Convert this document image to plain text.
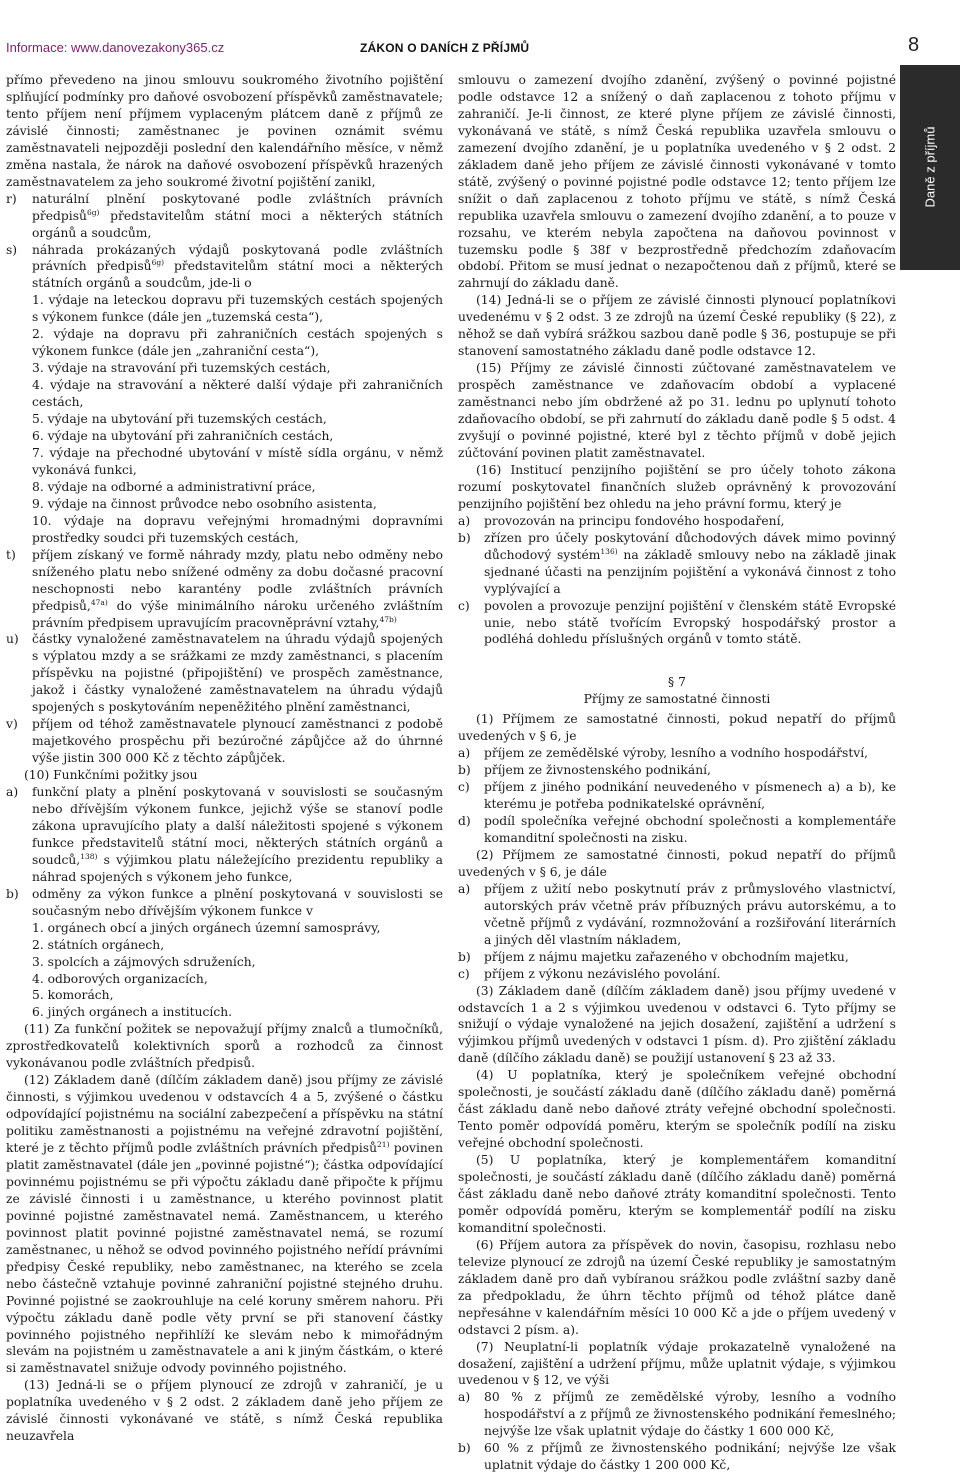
Informace: www.danovezakony365.cz	ZÁKON O DANÍCH Z PŘÍJMŮ	8
Daně z příjmů

přímo převedeno na jinou smlouvu soukromého životního pojištění splňující podmínky pro daňové osvobození příspěvků zaměstnavatele; tento příjem není příjmem vyplaceným plátcem daně z příjmů ze závislé činnosti; zaměstnanec je povinen oznámit svému zaměstnavateli nejpozději poslední den kalendářního měsíce, v němž změna nastala, že nárok na daňové osvobození příspěvků hrazených zaměstnavatelem za jeho soukromé životní pojištění zanikl,

r) naturální plnění poskytované podle zvláštních právních předpisů$^{6g)}$ představitelům státní moci a některých státních orgánů a soudcům,

s) náhrada prokázaných výdajů poskytovaná podle zvláštních právních předpisů$^{6g)}$ představitelům státní moci a některých státních orgánů a soudcům, jde-li o

1. výdaje na leteckou dopravu při tuzemských cestách spojených s výkonem funkce (dále jen „tuzemská cesta“),

2. výdaje na dopravu při zahraničních cestách spojených s výkonem funkce (dále jen „zahraniční cesta“),

3. výdaje na stravování při tuzemských cestách,

4. výdaje na stravování a některé další výdaje při zahraničních cestách,

5. výdaje na ubytování při tuzemských cestách,

6. výdaje na ubytování při zahraničních cestách,

7. výdaje na přechodné ubytování v místě sídla orgánu, v němž vykonává funkci,

8. výdaje na odborné a administrativní práce,

9. výdaje na činnost průvodce nebo osobního asistenta,

10. výdaje na dopravu veřejnými hromadnými dopravními prostředky soudci při tuzemských cestách,

t) příjem získaný ve formě náhrady mzdy, platu nebo odměny nebo sníženého platu nebo snížené odměny za dobu dočasné pracovní neschopnosti nebo karantény podle zvláštních právních předpisů,$^{47a)}$ do výše minimálního nároku určeného zvláštním právním předpisem upravujícím pracovněprávní vztahy,$^{47b)}$

u) částky vynaložené zaměstnavatelem na úhradu výdajů spojených s výplatou mzdy a se srážkami ze mzdy zaměstnanci, s placením příspěvku na pojistné (připojištění) ve prospěch zaměstnance, jakož i částky vynaložené zaměstnavatelem na úhradu výdajů spojených s poskytováním nepeněžitého plnění zaměstnanci,

v) příjem od téhož zaměstnavatele plynoucí zaměstnanci z podobě majetkového prospěchu při bezúročné zápůjčce až do úhrnné výše jistin 300 000 Kč z těchto zápůjček.

(10) Funkčními požitky jsou

a) funkční platy a plnění poskytovaná v souvislosti se současným nebo dřívějším výkonem funkce, jejichž výše se stanoví podle zákona upravujícího platy a další náležitosti spojené s výkonem funkce představitelů státní moci, některých státních orgánů a soudců,$^{138)}$ s výjimkou platu náležejícího prezidentu republiky a náhrad spojených s výkonem jeho funkce,

b) odměny za výkon funkce a plnění poskytovaná v souvislosti se současným nebo dřívějším výkonem funkce v

1. orgánech obcí a jiných orgánech územní samosprávy,

2. státních orgánech,

3. spolcích a zájmových sdruženích,

4. odborových organizacích,

5. komorách,

6. jiných orgánech a institucích.

(11) Za funkční požitek se nepovažují příjmy znalců a tlumočníků, zprostředkovatelů kolektivních sporů a rozhodců za činnost vykonávanou podle zvláštních předpisů.

(12) Základem daně (dílčím základem daně) jsou příjmy ze závislé činnosti, s výjimkou uvedenou v odstavcích 4 a 5, zvýšené o částku odpovídající pojistnému na sociální zabezpečení a příspěvku na státní politiku zaměstnanosti a pojistnému na veřejné zdravotní pojištění, které je z těchto příjmů podle zvláštních právních předpisů$^{21)}$ povinen platit zaměstnavatel (dále jen „povinné pojistné“); částka odpovídající povinnému pojistnému se při výpočtu základu daně připočte k příjmu ze závislé činnosti i u zaměstnance, u kterého povinnost platit povinné pojistné zaměstnavatel nemá. Zaměstnancem, u kterého povinnost platit povinné pojistné zaměstnavatel nemá, se rozumí zaměstnanec, u něhož se odvod povinného pojistného neřídí právními předpisy České republiky, nebo zaměstnanec, na kterého se zcela nebo částečně vztahuje povinné zahraniční pojistné stejného druhu. Povinné pojistné se zaokrouhluje na celé koruny směrem nahoru. Při výpočtu základu daně podle věty první se při stanovení částky povinného pojistného nepřihlíží ke slevám nebo k mimořádným slevám na pojistném u zaměstnavatele a ani k jiným částkám, o které si zaměstnavatel snižuje odvody povinného pojistného.

(13) Jedná-li se o příjem plynoucí ze zdrojů v zahraničí, je u poplatníka uvedeného v § 2 odst. 2 základem daně jeho příjem ze závislé činnosti vykonávané ve státě, s nímž Česká republika neuzavřela

smlouvu o zamezení dvojího zdanění, zvýšený o povinné pojistné podle odstavce 12 a snížený o daň zaplacenou z tohoto příjmu v zahraničí. Je-li činnost, ze které plyne příjem ze závislé činnosti, vykonávaná ve státě, s nímž Česká republika uzavřela smlouvu o zamezení dvojího zdanění, je u poplatníka uvedeného v § 2 odst. 2 základem daně jeho příjem ze závislé činnosti vykonávané v tomto státě, zvýšený o povinné pojistné podle odstavce 12; tento příjem lze snížit o daň zaplacenou z tohoto příjmu ve státě, s nímž Česká republika uzavřela smlouvu o zamezení dvojího zdanění, a to pouze v rozsahu, ve kterém nebyla započtena na daňovou povinnost v tuzemsku podle § 38f v bezprostředně předchozím zdaňovacím období. Přitom se musí jednat o nezapočtenou daň z příjmů, které se zahrnují do základu daně.

(14) Jedná-li se o příjem ze závislé činnosti plynoucí poplatníkovi uvedenému v § 2 odst. 3 ze zdrojů na území České republiky (§ 22), z něhož se daň vybírá srážkou sazbou daně podle § 36, postupuje se při stanovení samostatného základu daně podle odstavce 12.

(15) Příjmy ze závislé činnosti zúčtované zaměstnavatelem ve prospěch zaměstnance ve zdaňovacím období a vyplacené zaměstnanci nebo jím obdržené až po 31. lednu po uplynutí tohoto zdaňovacího období, se při zahrnutí do základu daně podle § 5 odst. 4 zvyšují o povinné pojistné, které byl z těchto příjmů v době jejich zúčtování povinen platit zaměstnavatel.

(16) Institucí penzijního pojištění se pro účely tohoto zákona rozumí poskytovatel finančních služeb oprávněný k provozování penzijního pojištění bez ohledu na jeho právní formu, který je

a) provozován na principu fondového hospodaření,

b) zřízen pro účely poskytování důchodových dávek mimo povinný důchodový systém$^{136)}$ na základě smlouvy nebo na základě jinak sjednané účasti na penzijním pojištění a vykonává činnost z toho vyplývající a

c) povolen a provozuje penzijní pojištění v členském státě Evropské unie, nebo státě tvořícím Evropský hospodářský prostor a podléhá dohledu příslušných orgánů v tomto státě.

§ 7

Příjmy ze samostatné činnosti

(1) Příjmem ze samostatné činnosti, pokud nepatří do příjmů uvedených v § 6, je

a) příjem ze zemědělské výroby, lesního a vodního hospodářství,

b) příjem ze živnostenského podnikání,

c) příjem z jiného podnikání neuvedeného v písmenech a) a b), ke kterému je potřeba podnikatelské oprávnění,

d) podíl společníka veřejné obchodní společnosti a komplementáře komanditní společnosti na zisku.

(2) Příjmem ze samostatné činnosti, pokud nepatří do příjmů uvedených v § 6, je dále

a) příjem z užití nebo poskytnutí práv z průmyslového vlastnictví, autorských práv včetně práv příbuzných právu autorskému, a to včetně příjmů z vydávání, rozmnožování a rozšiřování literárních a jiných děl vlastním nákladem,

b) příjem z nájmu majetku zařazeného v obchodním majetku,

c) příjem z výkonu nezávislého povolání.

(3) Základem daně (dílčím základem daně) jsou příjmy uvedené v odstavcích 1 a 2 s výjimkou uvedenou v odstavci 6. Tyto příjmy se snižují o výdaje vynaložené na jejich dosažení, zajištění a udržení s výjimkou příjmů uvedených v odstavci 1 písm. d). Pro zjištění základu daně (dílčího základu daně) se použijí ustanovení § 23 až 33.

(4) U poplatníka, který je společníkem veřejné obchodní společnosti, je součástí základu daně (dílčího základu daně) poměrná část základu daně nebo daňové ztráty veřejné obchodní společnosti. Tento poměr odpovídá poměru, kterým se společník podílí na zisku veřejné obchodní společnosti.

(5) U poplatníka, který je komplementářem komanditní společnosti, je součástí základu daně (dílčího základu daně) poměrná část základu daně nebo daňové ztráty komanditní společnosti. Tento poměr odpovídá poměru, kterým se komplementář podílí na zisku komanditní společnosti.

(6) Příjem autora za příspěvek do novin, časopisu, rozhlasu nebo televize plynoucí ze zdrojů na území České republiky je samostatným základem daně pro daň vybíranou srážkou podle zvláštní sazby daně za předpokladu, že úhrn těchto příjmů od téhož plátce daně nepřesáhne v kalendářním měsíci 10 000 Kč a jde o příjem uvedený v odstavci 2 písm. a).

(7) Neuplatní-li poplatník výdaje prokazatelně vynaložené na dosažení, zajištění a udržení příjmu, může uplatnit výdaje, s výjimkou uvedenou v § 12, ve výši

a) 80 % z příjmů ze zemědělské výroby, lesního a vodního hospodářství a z příjmů ze živnostenského podnikání řemeslného; nejvýše lze však uplatnit výdaje do částky 1 600 000 Kč,

b) 60 % z příjmů ze živnostenského podnikání; nejvýše lze však uplatnit výdaje do částky 1 200 000 Kč,
